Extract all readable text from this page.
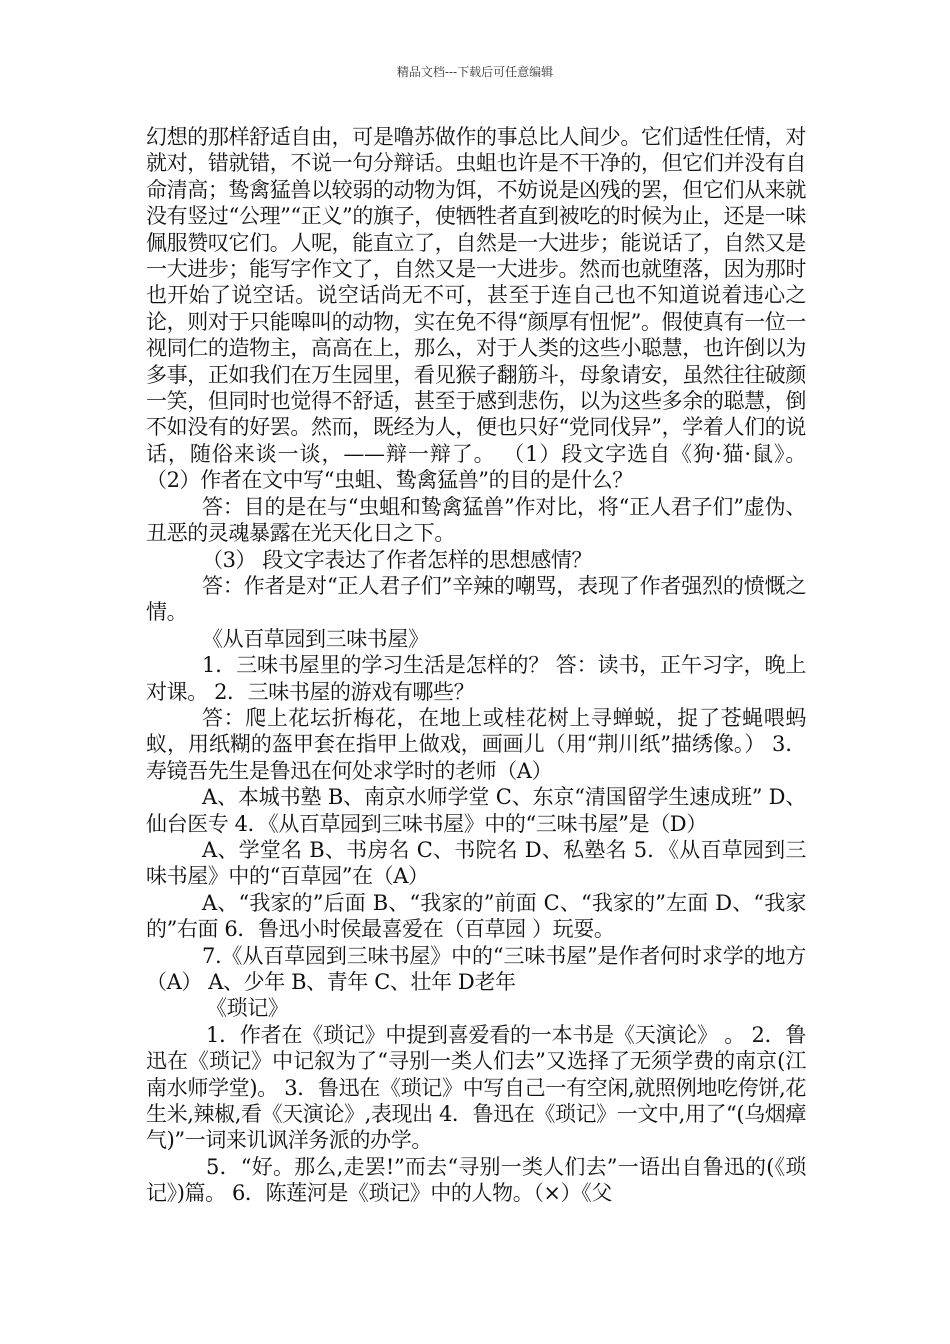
精品文档---下载后可任意编辑

幻想的那样舒适自由，可是噜苏做作的事总比人间少。它们适性任情，对就对，错就错，不说一句分辩话。虫蛆也许是不干净的，但它们并没有自命清高；鸷禽猛兽以较弱的动物为饵，不妨说是凶残的罢，但它们从来就没有竖过“公理”“正义”的旗子，使牺牲者直到被吃的时候为止，还是一味佩服赞叹它们。人呢，能直立了，自然是一大进步；能说话了，自然又是一大进步；能写字作文了，自然又是一大进步。然而也就堕落，因为那时也开始了说空话。说空话尚无不可，甚至于连自己也不知道说着违心之论，则对于只能嗥叫的动物，实在免不得“颜厚有忸怩”。假使真有一位一视同仁的造物主，高高在上，那么，对于人类的这些小聪慧，也许倒以为多事，正如我们在万生园里，看见猴子翻筋斗，母象请安，虽然往往破颜一笑，但同时也觉得不舒适，甚至于感到悲伤，以为这些多余的聪慧，倒不如没有的好罢。然而，既经为人，便也只好“党同伐异”，学着人们的说话，随俗来谈一谈，——辩一辩了。 （1）段文字选自《狗·猫·鼠》。 （2）作者在文中写“虫蛆、鸷禽猛兽”的目的是什么？

答：目的是在与“虫蛆和鸷禽猛兽”作对比，将“正人君子们”虚伪、丑恶的灵魂暴露在光天化日之下。

（3） 段文字表达了作者怎样的思想感情？

答：作者是对“正人君子们”辛辣的嘲骂，表现了作者强烈的愤慨之情。

《从百草园到三味书屋》

1．三味书屋里的学习生活是怎样的？ 答：读书，正午习字，晚上对课。 2．三味书屋的游戏有哪些？

答：爬上花坛折梅花，在地上或桂花树上寻蝉蜕，捉了苍蝇喂蚂蚁，用纸糊的盔甲套在指甲上做戏，画画儿（用“荆川纸”描绣像。） 3．寿镜吾先生是鲁迅在何处求学时的老师（A）

A、本城书塾 B、南京水师学堂 C、东京“清国留学生速成班” D、仙台医专 4．《从百草园到三味书屋》中的“三味书屋”是（D）

A、学堂名 B、书房名 C、书院名 D、私塾名 5．《从百草园到三味书屋》中的“百草园”在（A）

A、“我家的”后面 B、“我家的”前面 C、“我家的”左面 D、“我家的”右面 6．鲁迅小时侯最喜爱在（百草园 ）玩耍。

7.《从百草园到三味书屋》中的“三味书屋”是作者何时求学的地方（A） A、少年 B、青年 C、壮年 D老年

《琐记》

1．作者在《琐记》中提到喜爱看的一本书是《天演论》 。 2．鲁迅在《琐记》中记叙为了“寻别一类人们去”又选择了无须学费的南京(江南水师学堂)。 3．鲁迅在《琐记》中写自己一有空闲,就照例地吃侉饼,花生米,辣椒,看《天演论》,表现出 4．鲁迅在《琐记》一文中,用了“(乌烟瘴气)”一词来讥讽洋务派的办学。

5．“好。那么,走罢!”而去“寻别一类人们去”一语出自鲁迅的(《琐记》)篇。 6．陈莲河是《琐记》中的人物。（×）《父
